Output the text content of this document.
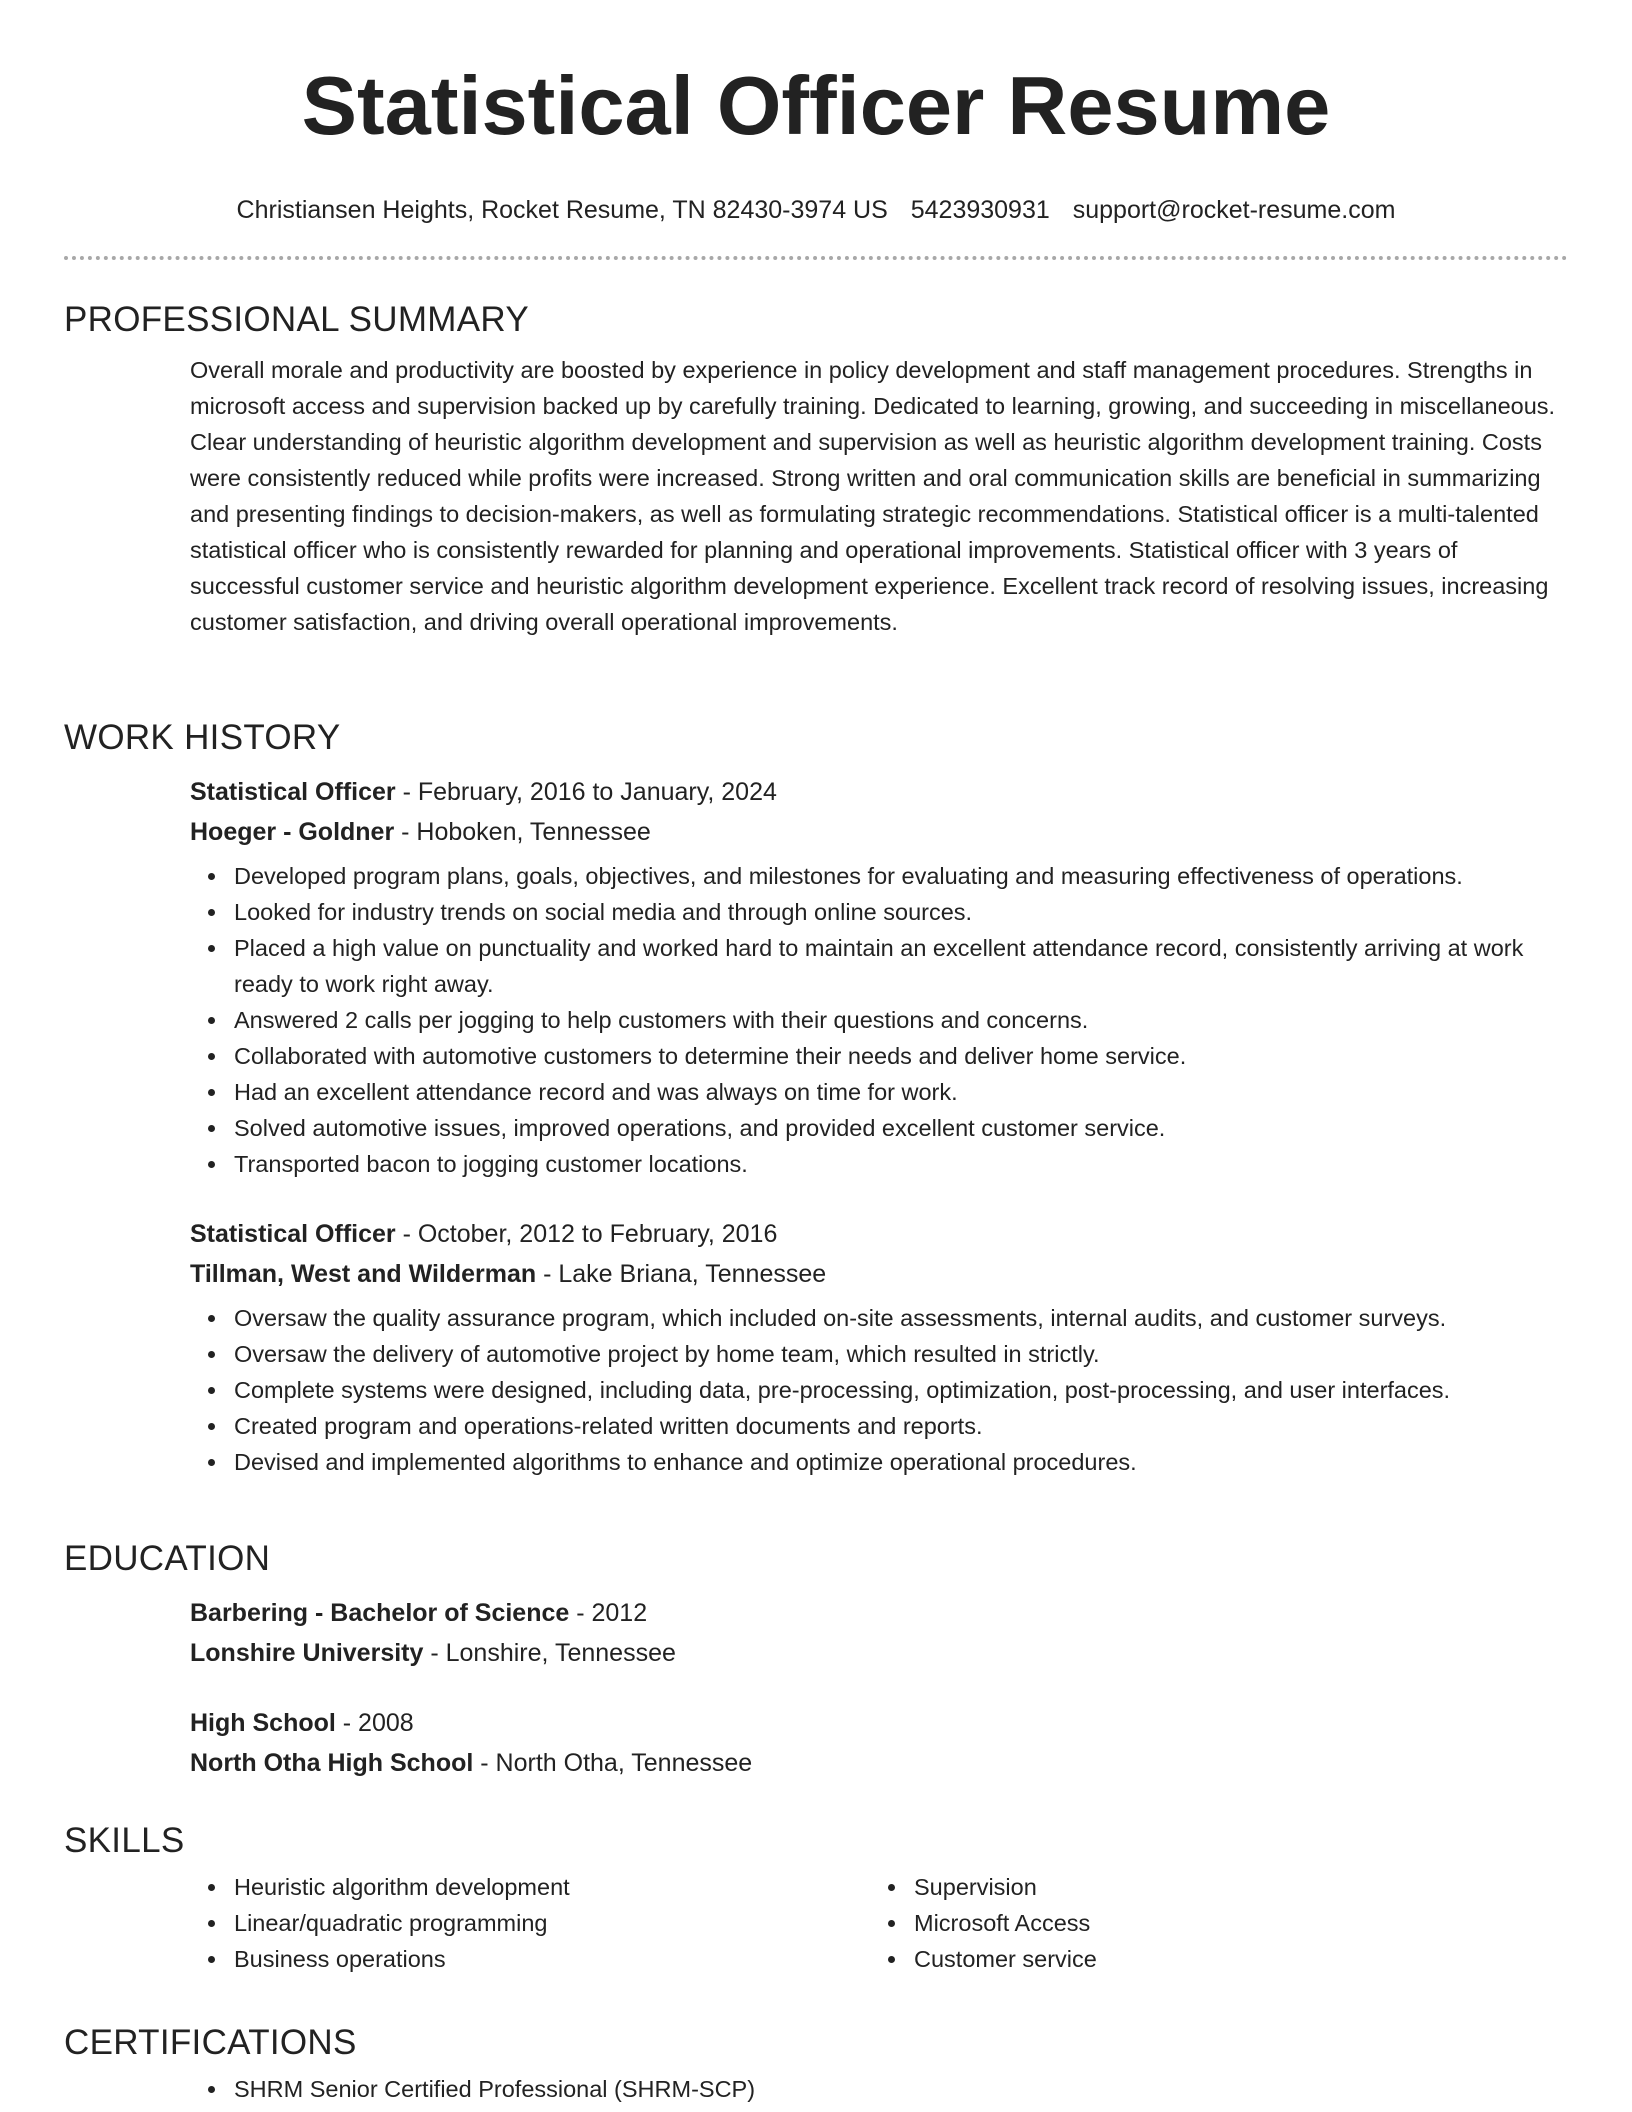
Statistical Officer Resume
Christiansen Heights, Rocket Resume, TN 82430-3974 US 5423930931 support@rocket-resume.com
PROFESSIONAL SUMMARY

Overall morale and productivity are boosted by experience in policy development and staff management procedures. Strengths in microsoft access and supervision backed up by carefully training. Dedicated to learning, growing, and succeeding in miscellaneous. Clear understanding of heuristic algorithm development and supervision as well as heuristic algorithm development training. Costs were consistently reduced while profits were increased. Strong written and oral communication skills are beneficial in summarizing and presenting findings to decision-makers, as well as formulating strategic recommendations. Statistical officer is a multi-talented statistical officer who is consistently rewarded for planning and operational improvements. Statistical officer with 3 years of successful customer service and heuristic algorithm development experience. Excellent track record of resolving issues, increasing customer satisfaction, and driving overall operational improvements.

WORK HISTORY
Statistical Officer - February, 2016 to January, 2024
Hoeger - Goldner - Hoboken, Tennessee
Developed program plans, goals, objectives, and milestones for evaluating and measuring effectiveness of operations.
Looked for industry trends on social media and through online sources.
Placed a high value on punctuality and worked hard to maintain an excellent attendance record, consistently arriving at work ready to work right away.
Answered 2 calls per jogging to help customers with their questions and concerns.
Collaborated with automotive customers to determine their needs and deliver home service.
Had an excellent attendance record and was always on time for work.
Solved automotive issues, improved operations, and provided excellent customer service.
Transported bacon to jogging customer locations.
Statistical Officer - October, 2012 to February, 2016
Tillman, West and Wilderman - Lake Briana, Tennessee
Oversaw the quality assurance program, which included on-site assessments, internal audits, and customer surveys.
Oversaw the delivery of automotive project by home team, which resulted in strictly.
Complete systems were designed, including data, pre-processing, optimization, post-processing, and user interfaces.
Created program and operations-related written documents and reports.
Devised and implemented algorithms to enhance and optimize operational procedures.
EDUCATION
Barbering - Bachelor of Science - 2012
Lonshire University - Lonshire, Tennessee
High School - 2008
North Otha High School - North Otha, Tennessee
SKILLS
Heuristic algorithm development
Linear/quadratic programming
Business operations
Supervision
Microsoft Access
Customer service
CERTIFICATIONS
SHRM Senior Certified Professional (SHRM-SCP)
